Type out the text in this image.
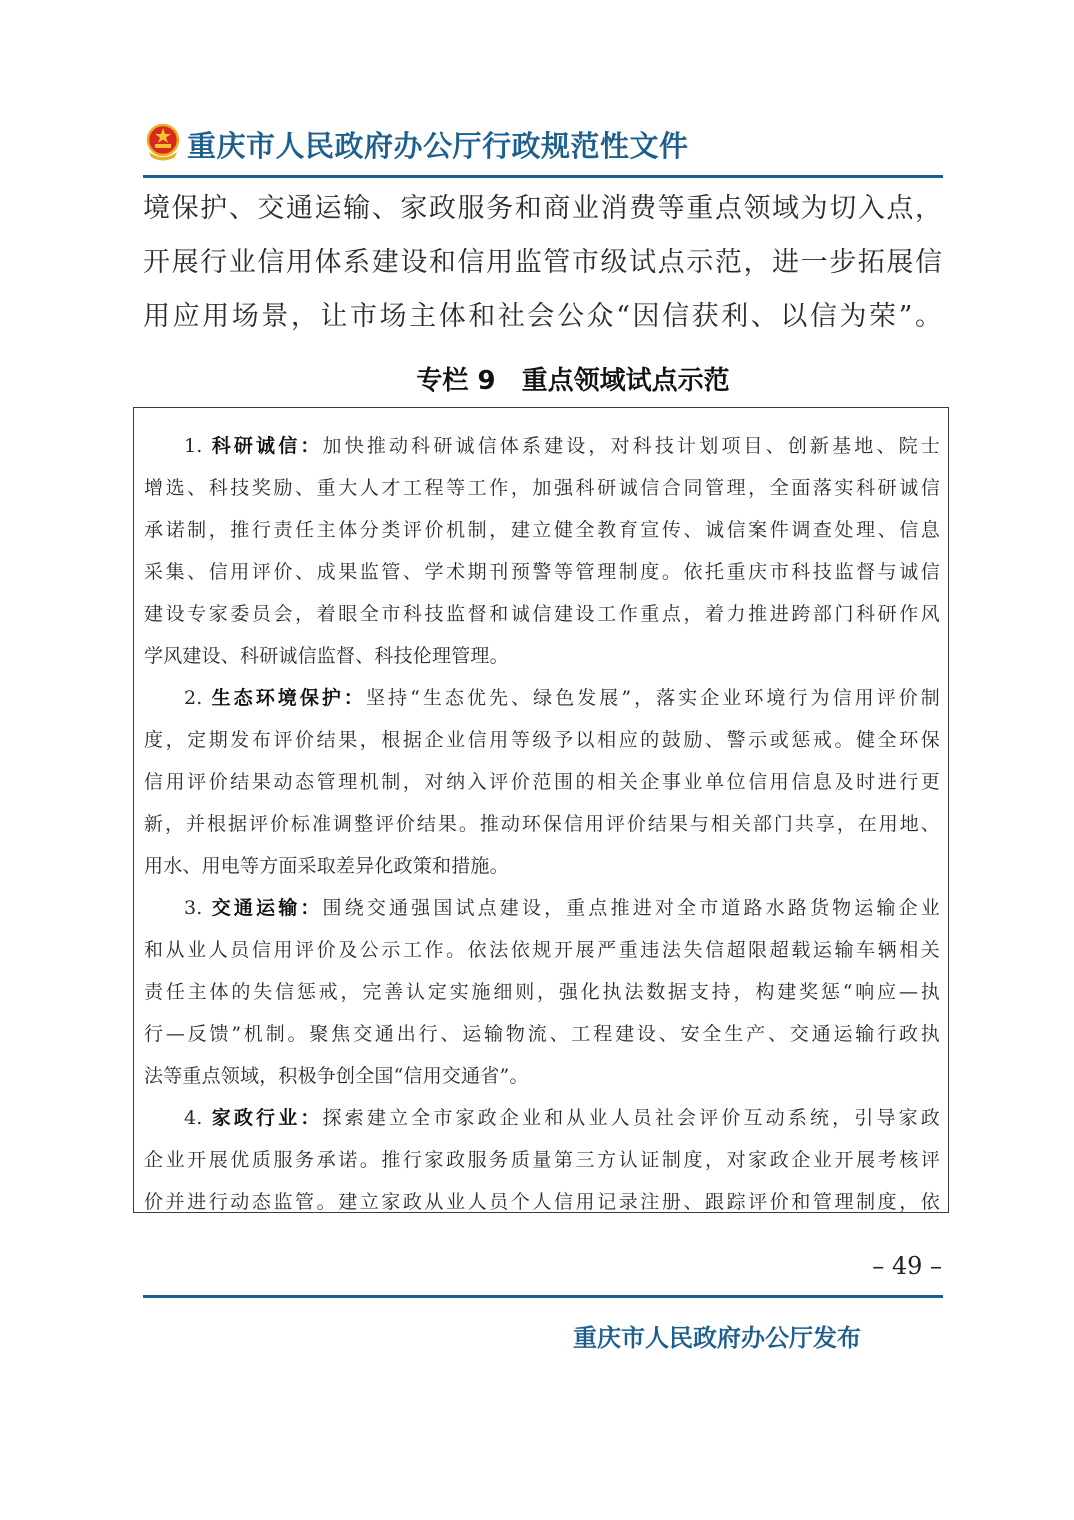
重庆市人民政府办公厅行政规范性文件
境保护、交通运输、家政服务和商业消费等重点领域为切入点，
开展行业信用体系建设和信用监管市级试点示范，进一步拓展信
用应用场景，让市场主体和社会公众“因信获利、以信为荣”。
专栏 9　重点领域试点示范
1. 科研诚信：加快推动科研诚信体系建设，对科技计划项目、创新基地、院士
增选、科技奖励、重大人才工程等工作，加强科研诚信合同管理，全面落实科研诚信
承诺制，推行责任主体分类评价机制，建立健全教育宣传、诚信案件调查处理、信息
采集、信用评价、成果监管、学术期刊预警等管理制度。依托重庆市科技监督与诚信
建设专家委员会，着眼全市科技监督和诚信建设工作重点，着力推进跨部门科研作风
学风建设、科研诚信监督、科技伦理管理。
2. 生态环境保护：坚持“生态优先、绿色发展”，落实企业环境行为信用评价制
度，定期发布评价结果，根据企业信用等级予以相应的鼓励、警示或惩戒。健全环保
信用评价结果动态管理机制，对纳入评价范围的相关企事业单位信用信息及时进行更
新，并根据评价标准调整评价结果。推动环保信用评价结果与相关部门共享，在用地、
用水、用电等方面采取差异化政策和措施。
3. 交通运输：围绕交通强国试点建设，重点推进对全市道路水路货物运输企业
和从业人员信用评价及公示工作。依法依规开展严重违法失信超限超载运输车辆相关
责任主体的失信惩戒，完善认定实施细则，强化执法数据支持，构建奖惩“响应—执
行—反馈”机制。聚焦交通出行、运输物流、工程建设、安全生产、交通运输行政执
法等重点领域，积极争创全国“信用交通省”。
4. 家政行业：探索建立全市家政企业和从业人员社会评价互动系统，引导家政
企业开展优质服务承诺。推行家政服务质量第三方认证制度，对家政企业开展考核评
价并进行动态监管。建立家政从业人员个人信用记录注册、跟踪评价和管理制度，依
– 49 –
重庆市人民政府办公厅发布
